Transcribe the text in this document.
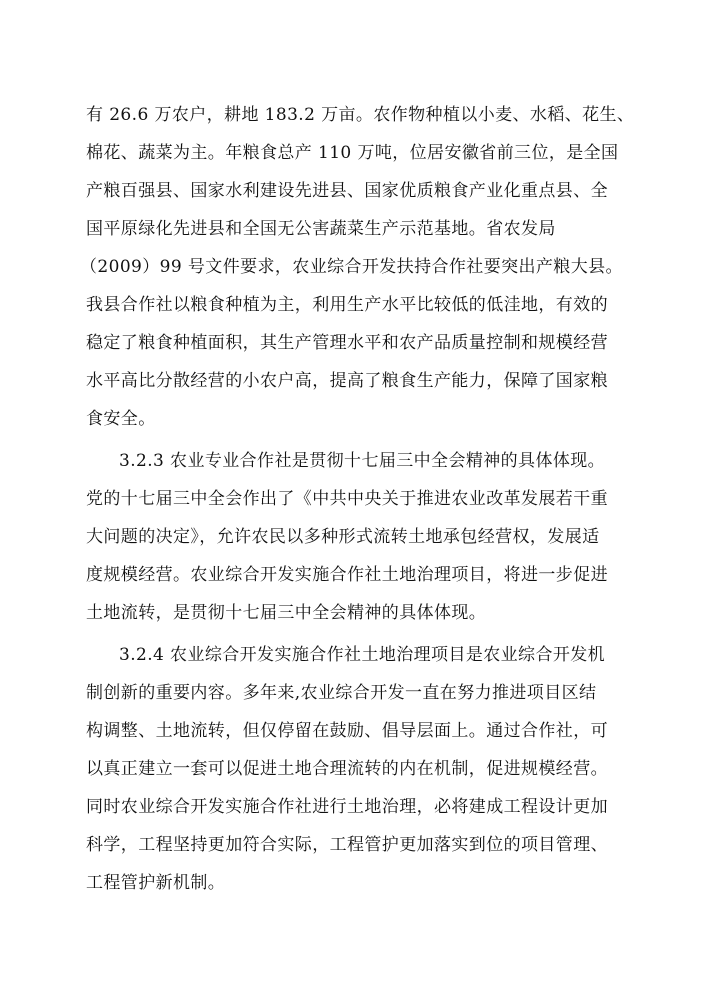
有 26.6 万农户，耕地 183.2 万亩。农作物种植以小麦、水稻、花生、
棉花、蔬菜为主。年粮食总产 110 万吨，位居安徽省前三位，是全国
产粮百强县、国家水利建设先进县、国家优质粮食产业化重点县、全
国平原绿化先进县和全国无公害蔬菜生产示范基地。省农发局
（2009）99 号文件要求，农业综合开发扶持合作社要突出产粮大县。
我县合作社以粮食种植为主，利用生产水平比较低的低洼地，有效的
稳定了粮食种植面积，其生产管理水平和农产品质量控制和规模经营
水平高比分散经营的小农户高，提高了粮食生产能力，保障了国家粮
食安全。
3.2.3 农业专业合作社是贯彻十七届三中全会精神的具体体现。
党的十七届三中全会作出了《中共中央关于推进农业改革发展若干重
大问题的决定》，允许农民以多种形式流转土地承包经营权，发展适
度规模经营。农业综合开发实施合作社土地治理项目，将进一步促进
土地流转，是贯彻十七届三中全会精神的具体体现。
3.2.4 农业综合开发实施合作社土地治理项目是农业综合开发机
制创新的重要内容。多年来,农业综合开发一直在努力推进项目区结
构调整、土地流转，但仅停留在鼓励、倡导层面上。通过合作社，可
以真正建立一套可以促进土地合理流转的内在机制，促进规模经营。
同时农业综合开发实施合作社进行土地治理，必将建成工程设计更加
科学，工程坚持更加符合实际，工程管护更加落实到位的项目管理、
工程管护新机制。
